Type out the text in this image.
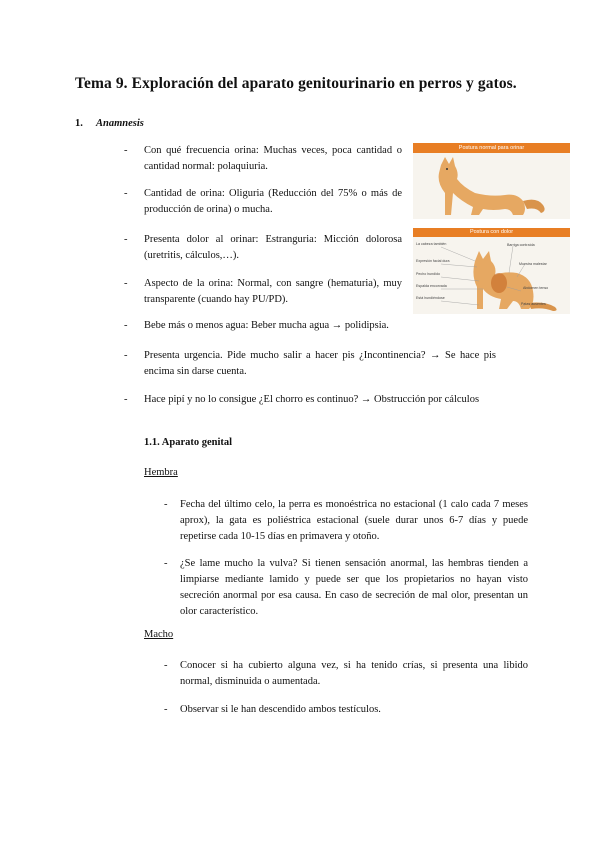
Tema 9. Exploración del aparato genitourinario en perros y gatos.
1. Anamnesis
- Con qué frecuencia orina: Muchas veces, poca cantidad o cantidad normal: polaquiuria.
- Cantidad de orina: Oliguria (Reducción del 75% o más de producción de orina) o mucha.
- Presenta dolor al orinar: Estranguria: Micción dolorosa (uretritis, cálculos,…).
- Aspecto de la orina: Normal, con sangre (hematuria), muy transparente (cuando hay PU/PD).
- Bebe más o menos agua: Beber mucha agua → polidipsia.
- Presenta urgencia. Pide mucho salir a hacer pis ¿Incontinencia? → Se hace pis encima sin darse cuenta.
- Hace pipí y no lo consigue ¿El chorro es continuo? → Obstrucción por cálculos
Postura normal para orinar
Postura con dolor
La cabeza también
Expresión facial dura
Pecho hundido
Espalda encorvada
Está hundiéndose
Barriga contraída
Muestra malestar
Abdomen tenso
Patas ausentes
1.1. Aparato genital
Hembra
- Fecha del último celo, la perra es monoéstrica no estacional (1 calo cada 7 meses aprox), la gata es poliéstrica estacional (suele durar unos 6-7 días y puede repetirse cada 10-15 días en primavera y otoño.
- ¿Se lame mucho la vulva? Si tienen sensación anormal, las hembras tienden a limpiarse mediante lamido y puede ser que los propietarios no hayan visto secreción anormal por esa causa. En caso de secreción de mal olor, presentan un olor característico.
Macho
- Conocer si ha cubierto alguna vez, si ha tenido crías, si presenta una libido normal, disminuida o aumentada.
- Observar si le han descendido ambos testículos.
